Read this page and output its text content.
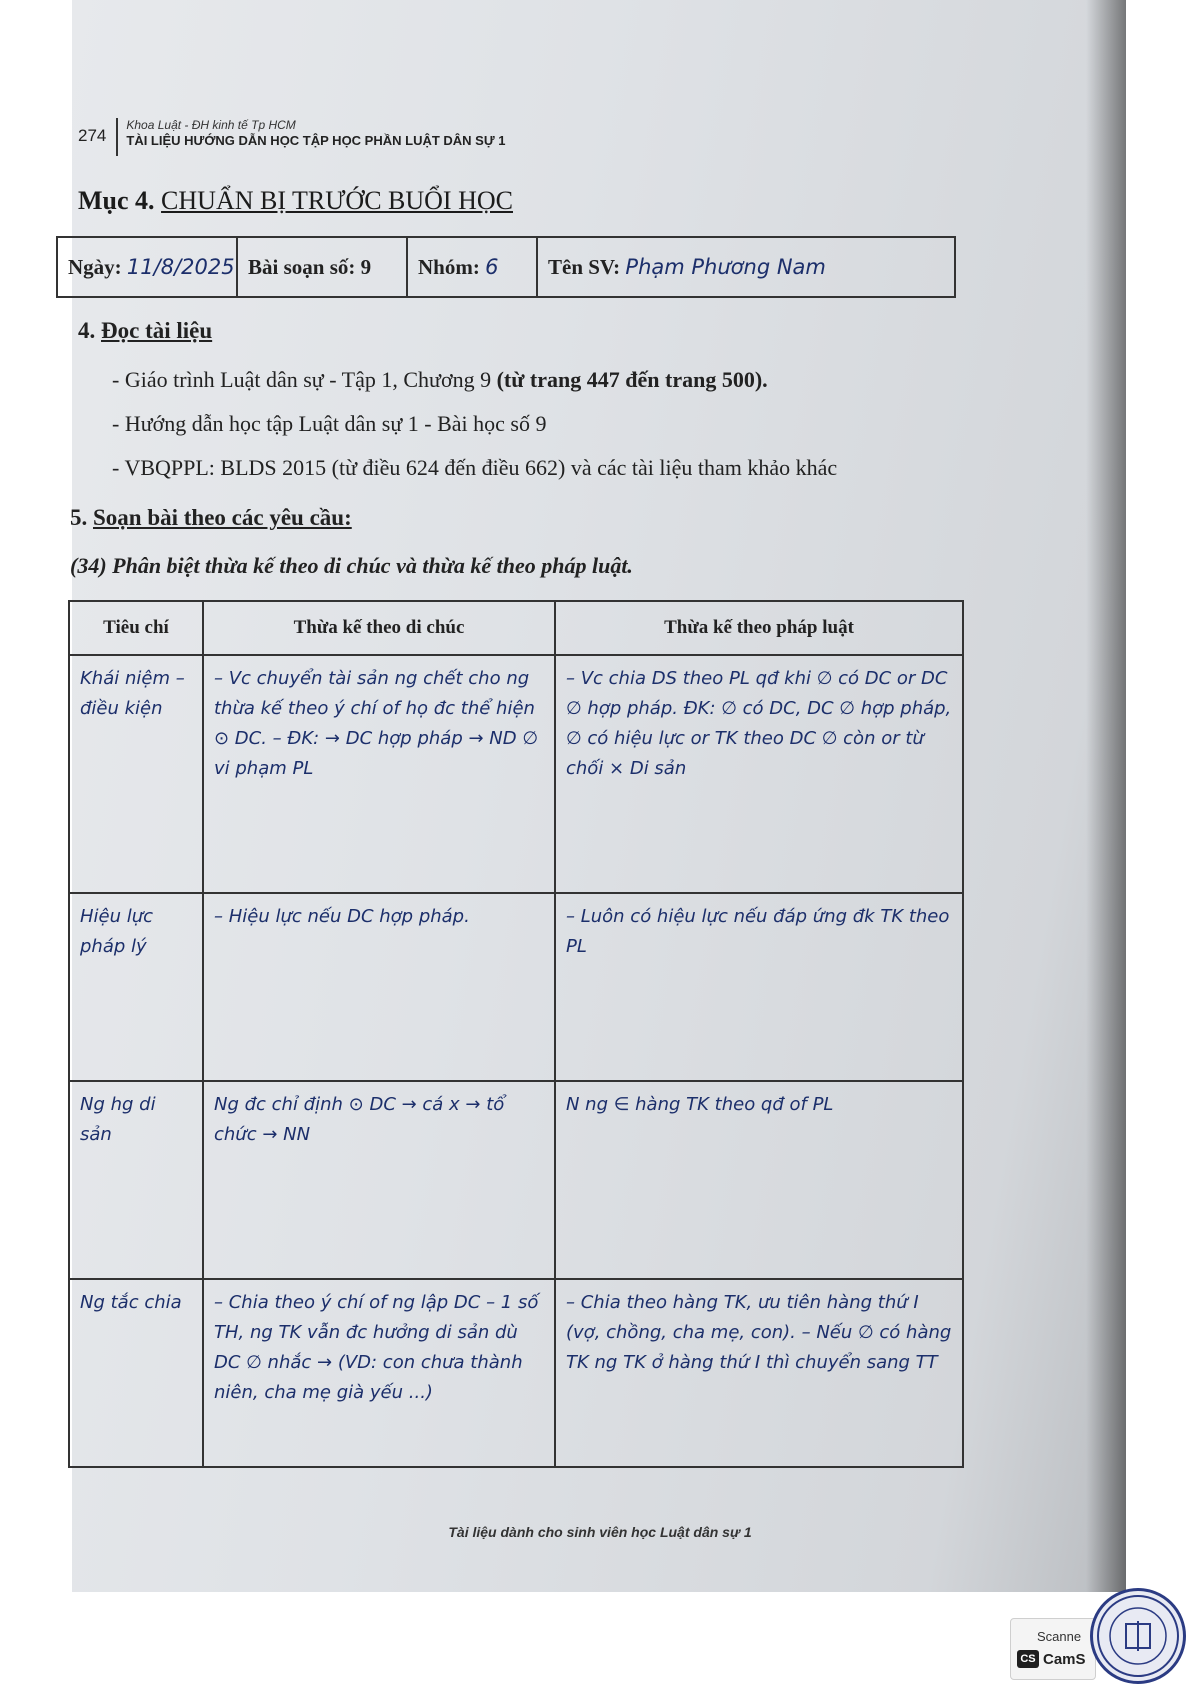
274
Khoa Luật - ĐH kinh tế Tp HCM
TÀI LIỆU HƯỚNG DẪN HỌC TẬP HỌC PHẦN LUẬT DÂN SỰ 1
Mục 4. CHUẨN BỊ TRƯỚC BUỔI HỌC
Ngày:
11/8/2025 Bài soạn số:
9 Nhóm:
6 Tên SV:
Phạm Phương Nam
4. Đọc tài liệu
- Giáo trình Luật dân sự - Tập 1, Chương 9 (từ trang 447 đến trang 500).
- Hướng dẫn học tập Luật dân sự 1 - Bài học số 9
- VBQPPL: BLDS 2015 (từ điều 624 đến điều 662) và các tài liệu tham khảo khác
5. Soạn bài theo các yêu cầu:
(34) Phân biệt thừa kế theo di chúc và thừa kế theo pháp luật.
Tiêu chí	Thừa kế theo di chúc	Thừa kế theo pháp luật
Khái niệm – điều kiện	– Vc chuyển tài sản ng chết cho ng thừa kế theo ý chí of họ đc thể hiện ⊙ DC. – ĐK: → DC hợp pháp → ND ∅ vi phạm PL	– Vc chia DS theo PL qđ khi ∅ có DC or DC ∅ hợp pháp. ĐK: ∅ có DC, DC ∅ hợp pháp, ∅ có hiệu lực or TK theo DC ∅ còn or từ chối × Di sản
Hiệu lực pháp lý	– Hiệu lực nếu DC hợp pháp.	– Luôn có hiệu lực nếu đáp ứng đk TK theo PL
Ng hg di sản	Ng đc chỉ định ⊙ DC → cá x → tổ chức → NN	N ng ∈ hàng TK theo qđ of PL
Ng tắc chia	– Chia theo ý chí of ng lập DC – 1 số TH, ng TK vẫn đc hưởng di sản dù DC ∅ nhắc → (VD: con chưa thành niên, cha mẹ già yếu ...)	– Chia theo hàng TK, ưu tiên hàng thứ I (vợ, chồng, cha mẹ, con). – Nếu ∅ có hàng TK ng TK ở hàng thứ I thì chuyển sang TT
Tài liệu dành cho sinh viên học Luật dân sự 1
Scanne
CS CamS
